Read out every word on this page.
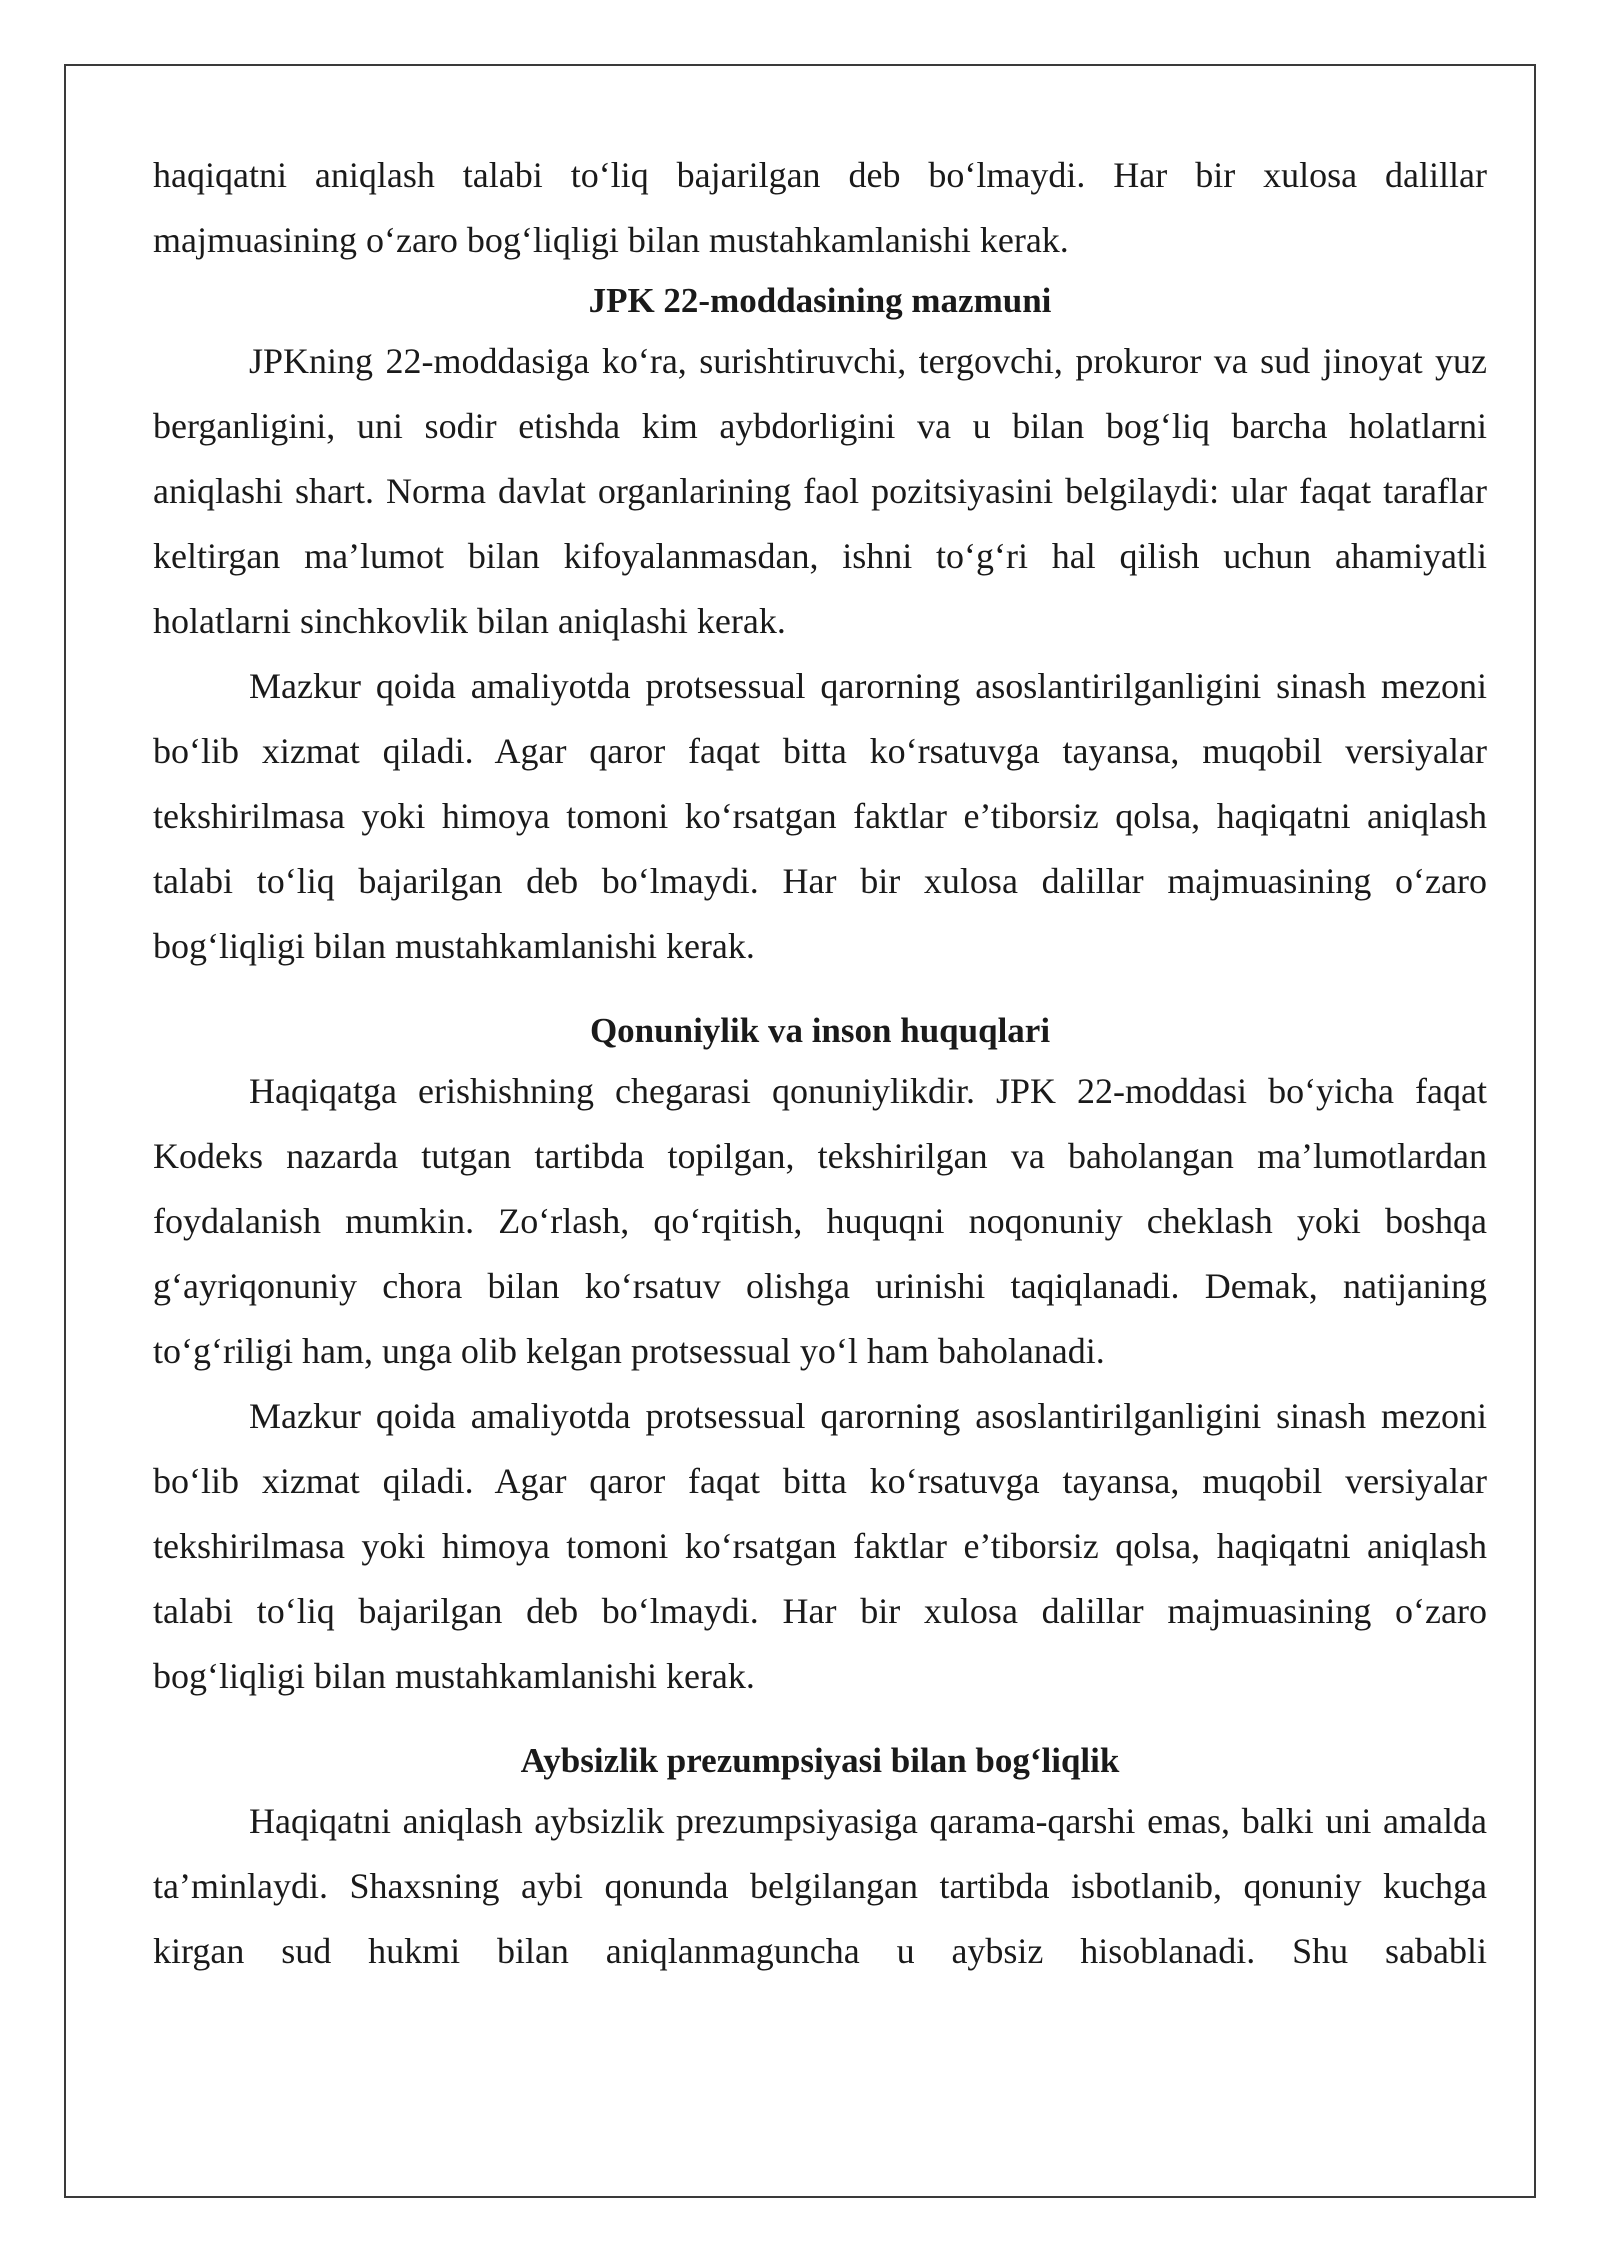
haqiqatni aniqlash talabi to‘liq bajarilgan deb bo‘lmaydi. Har bir xulosa dalillar majmuasining o‘zaro bog‘liqligi bilan mustahkamlanishi kerak.

JPK 22-moddasining mazmuni

JPKning 22-moddasiga ko‘ra, surishtiruvchi, tergovchi, prokuror va sud jinoyat yuz berganligini, uni sodir etishda kim aybdorligini va u bilan bog‘liq barcha holatlarni aniqlashi shart. Norma davlat organlarining faol pozitsiyasini belgilaydi: ular faqat taraflar keltirgan ma’lumot bilan kifoyalanmasdan, ishni to‘g‘ri hal qilish uchun ahamiyatli holatlarni sinchkovlik bilan aniqlashi kerak.

Mazkur qoida amaliyotda protsessual qarorning asoslantirilganligini sinash mezoni bo‘lib xizmat qiladi. Agar qaror faqat bitta ko‘rsatuvga tayansa, muqobil versiyalar tekshirilmasa yoki himoya tomoni ko‘rsatgan faktlar e’tiborsiz qolsa, haqiqatni aniqlash talabi to‘liq bajarilgan deb bo‘lmaydi. Har bir xulosa dalillar majmuasining o‘zaro bog‘liqligi bilan mustahkamlanishi kerak.

Qonuniylik va inson huquqlari

Haqiqatga erishishning chegarasi qonuniylikdir. JPK 22-moddasi bo‘yicha faqat Kodeks nazarda tutgan tartibda topilgan, tekshirilgan va baholangan ma’lumotlardan foydalanish mumkin. Zo‘rlash, qo‘rqitish, huquqni noqonuniy cheklash yoki boshqa g‘ayriqonuniy chora bilan ko‘rsatuv olishga urinishi taqiqlanadi. Demak, natijaning to‘g‘riligi ham, unga olib kelgan protsessual yo‘l ham baholanadi.

Mazkur qoida amaliyotda protsessual qarorning asoslantirilganligini sinash mezoni bo‘lib xizmat qiladi. Agar qaror faqat bitta ko‘rsatuvga tayansa, muqobil versiyalar tekshirilmasa yoki himoya tomoni ko‘rsatgan faktlar e’tiborsiz qolsa, haqiqatni aniqlash talabi to‘liq bajarilgan deb bo‘lmaydi. Har bir xulosa dalillar majmuasining o‘zaro bog‘liqligi bilan mustahkamlanishi kerak.

Aybsizlik prezumpsiyasi bilan bog‘liqlik

Haqiqatni aniqlash aybsizlik prezumpsiyasiga qarama-qarshi emas, balki uni amalda ta’minlaydi. Shaxsning aybi qonunda belgilangan tartibda isbotlanib, qonuniy kuchga kirgan sud hukmi bilan aniqlanmaguncha u aybsiz hisoblanadi. Shu sababli
